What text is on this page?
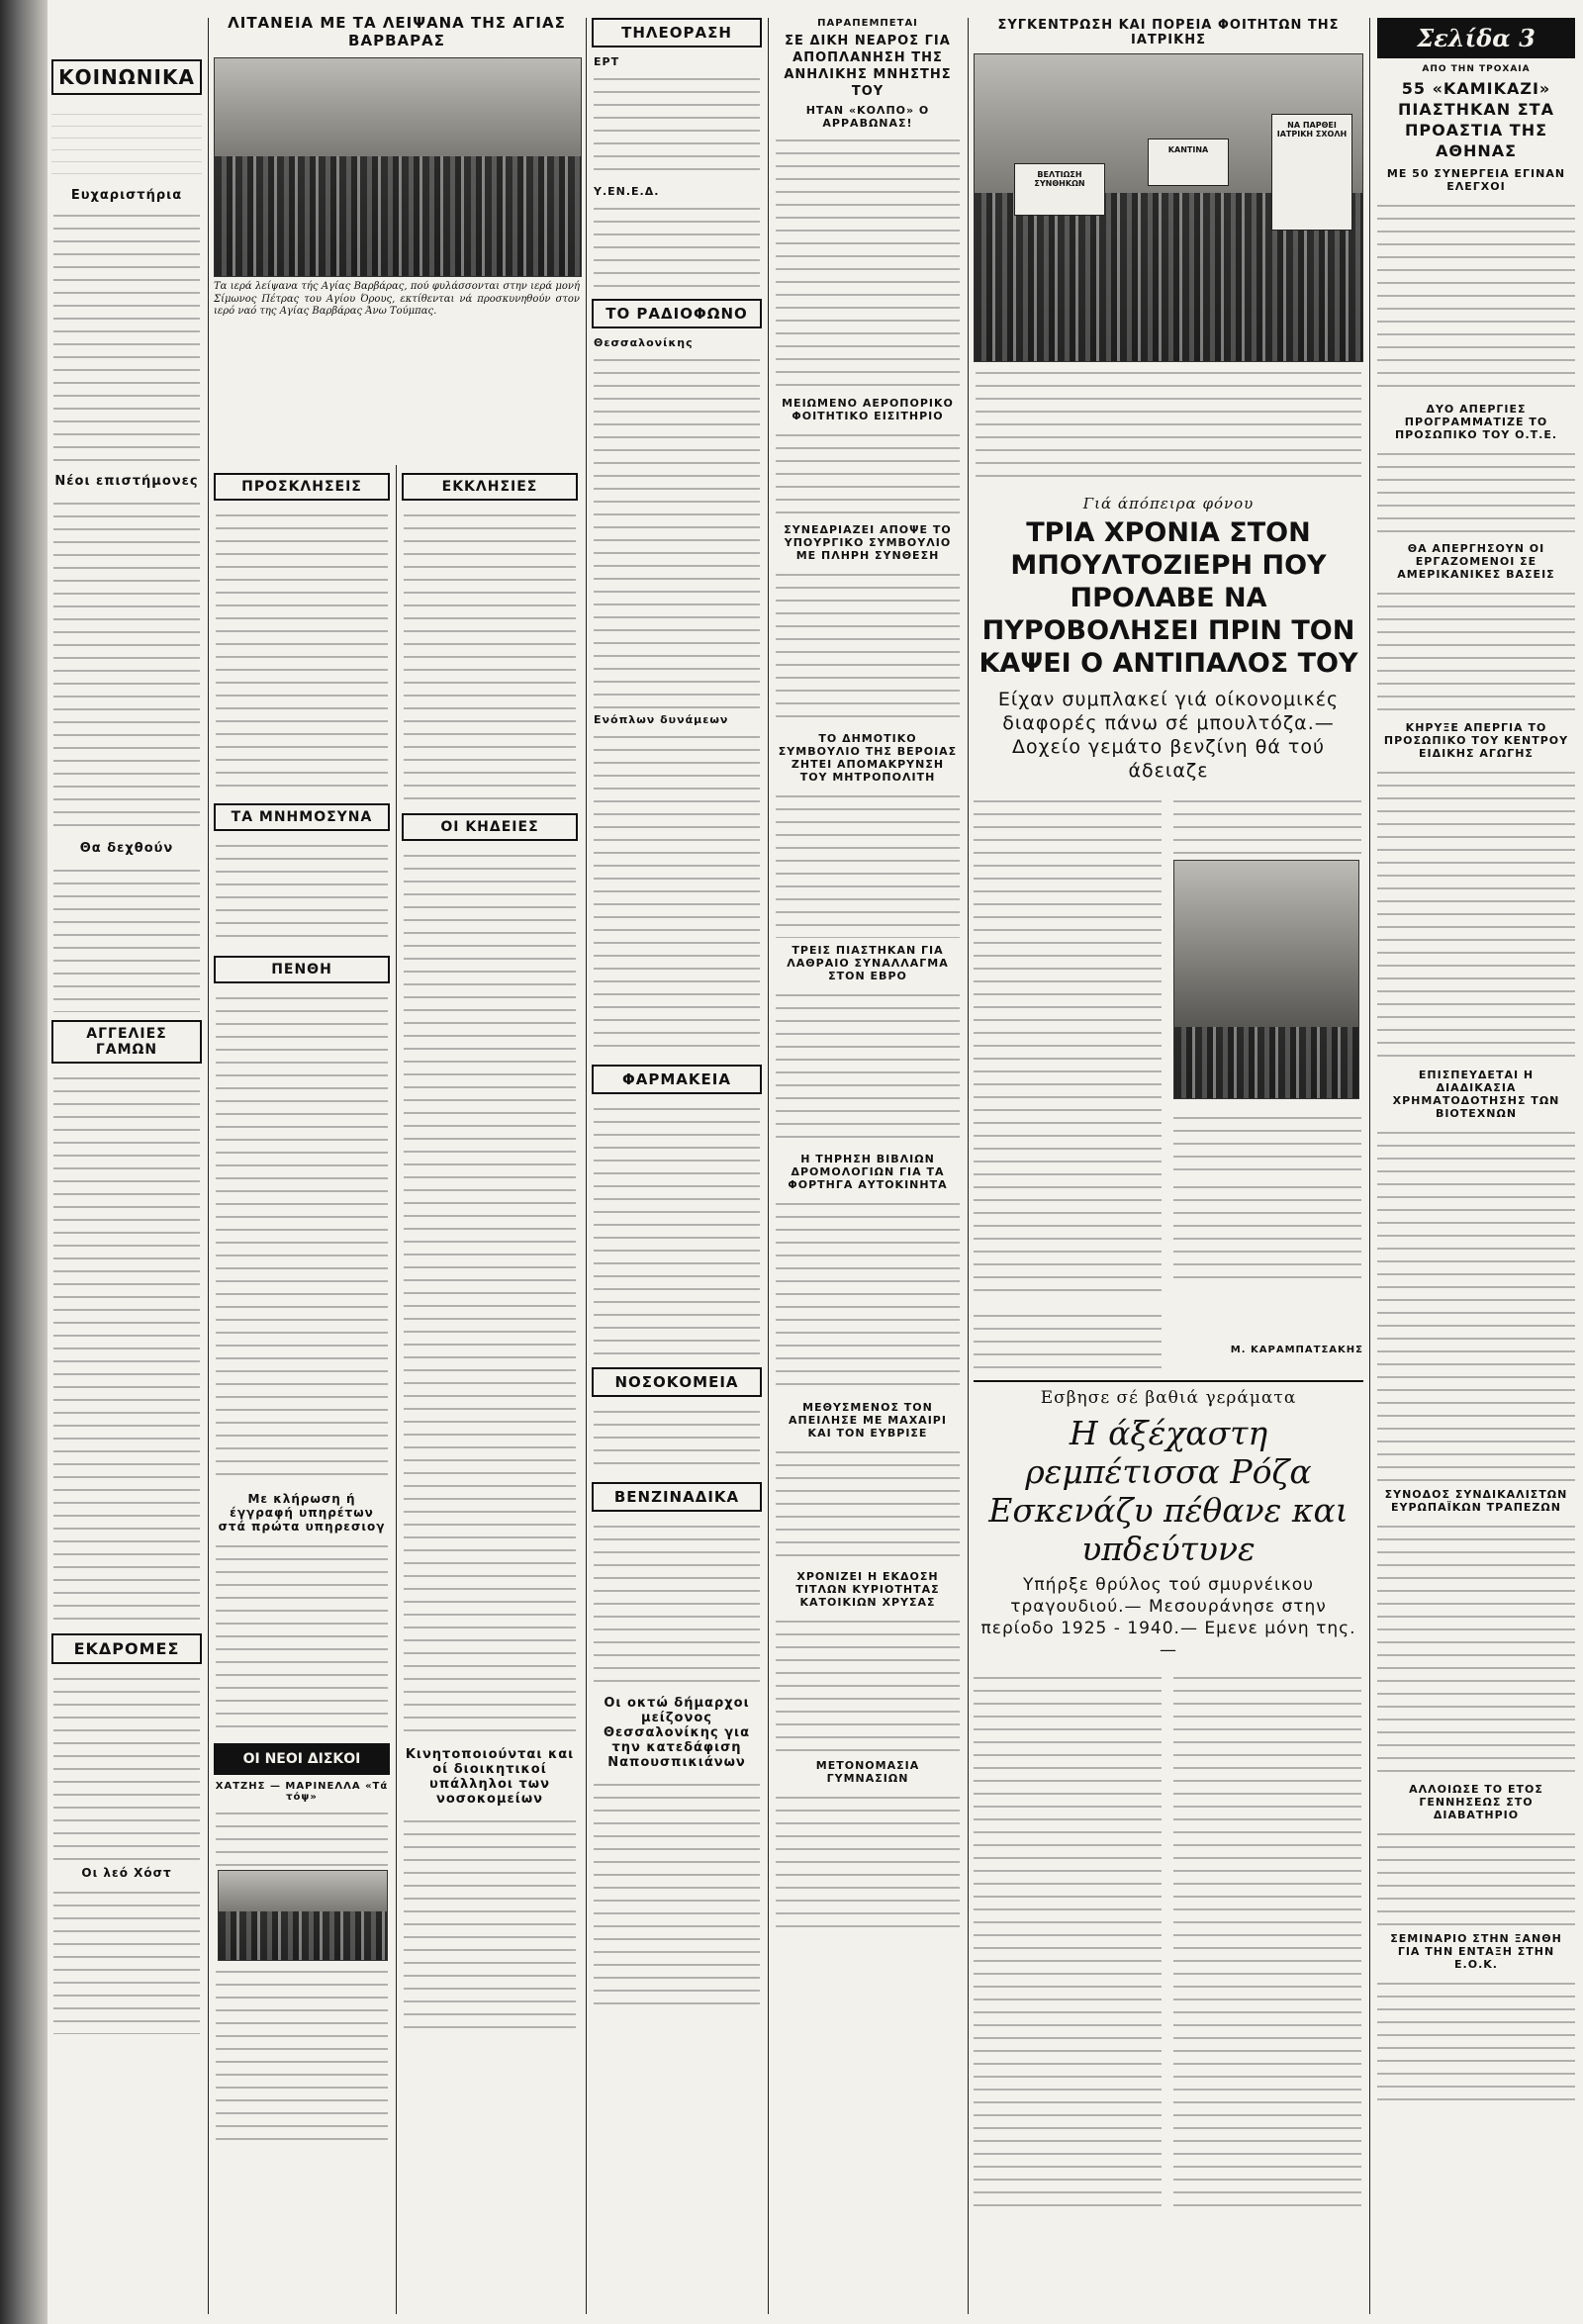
ΚΟΙΝΩΝΙΚΑ
Ευχαριστήρια
Νέοι επιστήμονες
Θα δεχθούν
ΑΓΓΕΛΙΕΣ ΓΑΜΩΝ
ΕΚΔΡΟΜΕΣ
Οι λεό Χόστ
ΛΙΤΑΝΕΙΑ ΜΕ ΤΑ ΛΕΙΨΑΝΑ ΤΗΣ ΑΓΙΑΣ ΒΑΡΒΑΡΑΣ
Τα ιερά λείψανα τής Αγίας Βαρβάρας, πού φυλάσσονται στην ιερά μονή Σίμωνος Πέτρας του Αγίου Όρους, εκτίθενται νά προσκυνηθούν στον ιερό ναό της Αγίας Βαρβάρας Άνω Τούμπας.
ΠΡΟΣΚΛΗΣΕΙΣ
ΤΑ ΜΝΗΜΟΣΥΝΑ
ΠΕΝΘΗ
Με κλήρωση ή έγγραφή υπηρέτων στά πρώτα υπηρεσιογ
ΟΙ ΝΕΟΙ ΔΙΣΚΟΙ
ΧΑΤΖΗΣ — ΜΑΡΙΝΕΛΛΑ «Τά τόψ»
ΕΚΚΛΗΣΙΕΣ
ΟΙ ΚΗΔΕΙΕΣ
Κινητοποιούνται και οί διοικητικοί υπάλληλοι των νοσοκομείων
ΤΗΛΕΟΡΑΣΗ
ΕΡΤ
Υ.ΕΝ.Ε.Δ.
ΤΟ ΡΑΔΙΟΦΩΝΟ
Θεσσαλονίκης
Ενόπλων δυνάμεων
ΦΑΡΜΑΚΕΙΑ
ΝΟΣΟΚΟΜΕΙΑ
ΒΕΝΖΙΝΑΔΙΚΑ
Οι οκτώ δήμαρχοι μείζονος Θεσσαλονίκης για την κατεδάφιση Ναπουσπικιάνων
ΠΑΡΑΠΕΜΠΕΤΑΙ
ΣΕ ΔΙΚΗ ΝΕΑΡΟΣ ΓΙΑ ΑΠΟΠΛΑΝΗΣΗ ΤΗΣ ΑΝΗΛΙΚΗΣ ΜΝΗΣΤΗΣ ΤΟΥ
ΗΤΑΝ «ΚΟΛΠΟ» Ο ΑΡΡΑΒΩΝΑΣ!
ΜΕΙΩΜΕΝΟ ΑΕΡΟΠΟΡΙΚΟ ΦΟΙΤΗΤΙΚΟ ΕΙΣΙΤΗΡΙΟ
ΣΥΝΕΔΡΙΑΖΕΙ ΑΠΟΨΕ ΤΟ ΥΠΟΥΡΓΙΚΟ ΣΥΜΒΟΥΛΙΟ ΜΕ ΠΛΗΡΗ ΣΥΝΘΕΣΗ
ΤΟ ΔΗΜΟΤΙΚΟ ΣΥΜΒΟΥΛΙΟ ΤΗΣ ΒΕΡΟΙΑΣ ΖΗΤΕΙ ΑΠΟΜΑΚΡΥΝΣΗ ΤΟΥ ΜΗΤΡΟΠΟΛΙΤΗ
ΤΡΕΙΣ ΠΙΑΣΤΗΚΑΝ ΓΙΑ ΛΑΘΡΑΙΟ ΣΥΝΑΛΛΑΓΜΑ ΣΤΟΝ ΕΒΡΟ
Η ΤΗΡΗΣΗ ΒΙΒΛΙΩΝ ΔΡΟΜΟΛΟΓΙΩΝ ΓΙΑ ΤΑ ΦΟΡΤΗΓΑ ΑΥΤΟΚΙΝΗΤΑ
ΜΕΘΥΣΜΕΝΟΣ ΤΟΝ ΑΠΕΙΛΗΣΕ ΜΕ ΜΑΧΑΙΡΙ ΚΑΙ ΤΟΝ ΕΥΒΡΙΣΕ
ΧΡΟΝΙΖΕΙ Η ΕΚΔΟΣΗ ΤΙΤΛΩΝ ΚΥΡΙΟΤΗΤΑΣ ΚΑΤΟΙΚΙΩΝ ΧΡΥΣΑΣ
ΜΕΤΟΝΟΜΑΣΙΑ ΓΥΜΝΑΣΙΩΝ
ΣΥΓΚΕΝΤΡΩΣΗ ΚΑΙ ΠΟΡΕΙΑ ΦΟΙΤΗΤΩΝ ΤΗΣ ΙΑΤΡΙΚΗΣ
ΒΕΛΤΙΩΣΗ ΣΥΝΘΗΚΩΝ
ΚΑΝΤΙΝΑ
ΝΑ ΠΑΡΘΕΙ ΙΑΤΡΙΚΗ ΣΧΟΛΗ
Γιά άπόπειρα φόνου
ΤΡΙΑ ΧΡΟΝΙΑ ΣΤΟΝ ΜΠΟΥΛΤΟΖΙΕΡΗ ΠΟΥ ΠΡΟΛΑΒΕ ΝΑ ΠΥΡΟΒΟΛΗΣΕΙ ΠΡΙΝ ΤΟΝ ΚΑΨΕΙ Ο ΑΝΤΙΠΑΛΟΣ ΤΟΥ
Είχαν συμπλακεί γιά οίκονομικές διαφορές πάνω σέ μπουλτόζα.— Δοχείο γεμάτο βενζίνη θά τού άδειαζε
Μ. ΚΑΡΑΜΠΑΤΣΑΚΗΣ
Εσβησε σέ βαθιά γεράματα
Η άξέχαστη ρεμπέτισσα Ρόζα Εσκενάζυ πέθανε και υπδεύτυνε
Υπήρξε θρύλος τού σμυρνέικου τραγουδιού.— Μεσουράνησε στην περίοδο 1925 - 1940.— Εμενε μόνη της.—
Σελίδα 3
ΑΠΟ ΤΗΝ ΤΡΟΧΑΙΑ
55 «ΚΑΜΙΚΑΖΙ» ΠΙΑΣΤΗΚΑΝ ΣΤΑ ΠΡΟΑΣΤΙΑ ΤΗΣ ΑΘΗΝΑΣ
ΜΕ 50 ΣΥΝΕΡΓΕΙΑ ΕΓΙΝΑΝ ΕΛΕΓΧΟΙ
ΔΥΟ ΑΠΕΡΓΙΕΣ ΠΡΟΓΡΑΜΜΑΤΙΖΕ ΤΟ ΠΡΟΣΩΠΙΚΟ ΤΟΥ Ο.Τ.Ε.
ΘΑ ΑΠΕΡΓΗΣΟΥΝ ΟΙ ΕΡΓΑΖΟΜΕΝΟΙ ΣΕ ΑΜΕΡΙΚΑΝΙΚΕΣ ΒΑΣΕΙΣ
ΚΗΡΥΞΕ ΑΠΕΡΓΙΑ ΤΟ ΠΡΟΣΩΠΙΚΟ ΤΟΥ ΚΕΝΤΡΟΥ ΕΙΔΙΚΗΣ ΑΓΩΓΗΣ
ΕΠΙΣΠΕΥΔΕΤΑΙ Η ΔΙΑΔΙΚΑΣΙΑ ΧΡΗΜΑΤΟΔΟΤΗΣΗΣ ΤΩΝ ΒΙΟΤΕΧΝΩΝ
ΣΥΝΟΔΟΣ ΣΥΝΔΙΚΑΛΙΣΤΩΝ ΕΥΡΩΠΑΪΚΩΝ ΤΡΑΠΕΖΩΝ
ΑΛΛΟΙΩΣΕ ΤΟ ΕΤΟΣ ΓΕΝΝΗΣΕΩΣ ΣΤΟ ΔΙΑΒΑΤΗΡΙΟ
ΣΕΜΙΝΑΡΙΟ ΣΤΗΝ ΞΑΝΘΗ ΓΙΑ ΤΗΝ ΕΝΤΑΞΗ ΣΤΗΝ Ε.Ο.Κ.
